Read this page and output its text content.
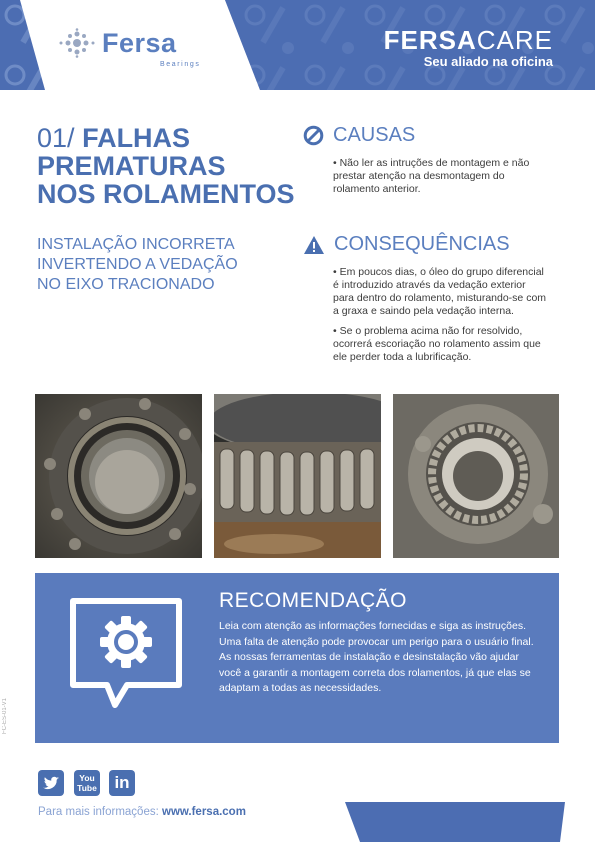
Fersa
Bearings
FERSACARE
Seu aliado na oficina
01/ FALHAS
PREMATURAS
NOS ROLAMENTOS
INSTALAÇÃO INCORRETA
INVERTENDO A VEDAÇÃO
NO EIXO TRACIONADO
CAUSAS

• Não ler as intruções de montagem e não prestar atenção na desmontagem do rolamento anterior.

CONSEQUÊNCIAS

• Em poucos dias, o óleo do grupo diferencial é introduzido através da vedação exterior para dentro do rolamento, misturando-se com a graxa e saindo pela vedação interna.

• Se o problema acima não for resolvido, ocorrerá escoriação no rolamento assim que ele perder toda a lubrificação.

RECOMENDAÇÃO
Leia com atenção as informações fornecidas e siga as instruções. Uma falta de atenção pode provocar um perigo para o usuário final. As nossas ferramentas de instalação e desinstalação vão ajudar você a garantir a montagem correta dos rolamentos, já que elas se adaptam a todas as necessidades.
FC-ES-01-V1
You
Tube	in
Para mais informações: www.fersa.com
